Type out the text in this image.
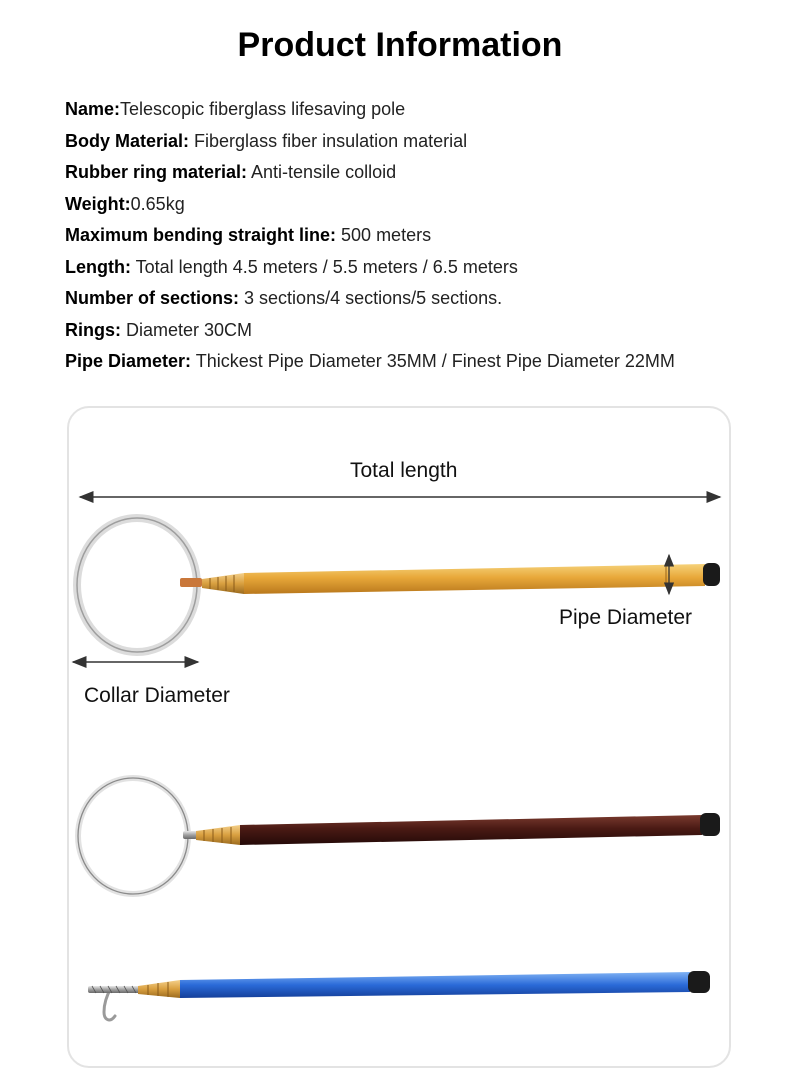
Product Information
Name:Telescopic fiberglass lifesaving pole
Body Material: Fiberglass fiber insulation material
Rubber ring material: Anti-tensile colloid
Weight:0.65kg
Maximum bending straight line: 500 meters
Length: Total length 4.5 meters / 5.5 meters / 6.5 meters
Number of sections: 3 sections/4 sections/5 sections.
Rings: Diameter 30CM
Pipe Diameter: Thickest Pipe Diameter 35MM / Finest Pipe Diameter 22MM
Total length
Pipe Diameter
Collar Diameter
